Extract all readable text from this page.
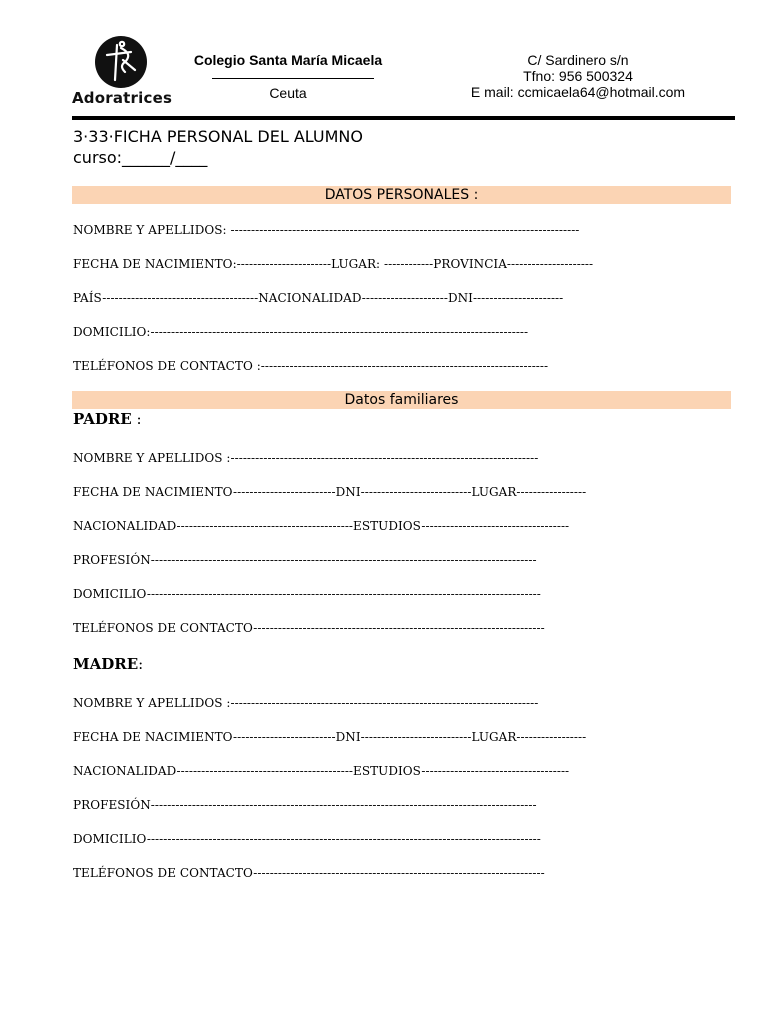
Adoratrices
Colegio Santa María Micaela
Ceuta
C/ Sardinero s/n
Tfno: 956 500324
E mail: ccmicaela64@hotmail.com
3·33·FICHA PERSONAL DEL ALUMNO
curso:______/____
DATOS PERSONALES :
NOMBRE Y APELLIDOS: -------------------------------------------------------------------------------------
FECHA DE NACIMIENTO:-----------------------LUGAR: ------------PROVINCIA---------------------
PAÍS--------------------------------------NACIONALIDAD---------------------DNI----------------------
DOMICILIO:--------------------------------------------------------------------------------------------
TELÉFONOS DE CONTACTO :----------------------------------------------------------------------
Datos familiares
PADRE :
NOMBRE Y APELLIDOS :---------------------------------------------------------------------------
FECHA DE NACIMIENTO-------------------------DNI---------------------------LUGAR-----------------
NACIONALIDAD-------------------------------------------ESTUDIOS------------------------------------
PROFESIÓN----------------------------------------------------------------------------------------------
DOMICILIO------------------------------------------------------------------------------------------------
TELÉFONOS DE CONTACTO-----------------------------------------------------------------------
MADRE:
NOMBRE Y APELLIDOS :---------------------------------------------------------------------------
FECHA DE NACIMIENTO-------------------------DNI---------------------------LUGAR-----------------
NACIONALIDAD-------------------------------------------ESTUDIOS------------------------------------
PROFESIÓN----------------------------------------------------------------------------------------------
DOMICILIO------------------------------------------------------------------------------------------------
TELÉFONOS DE CONTACTO-----------------------------------------------------------------------
